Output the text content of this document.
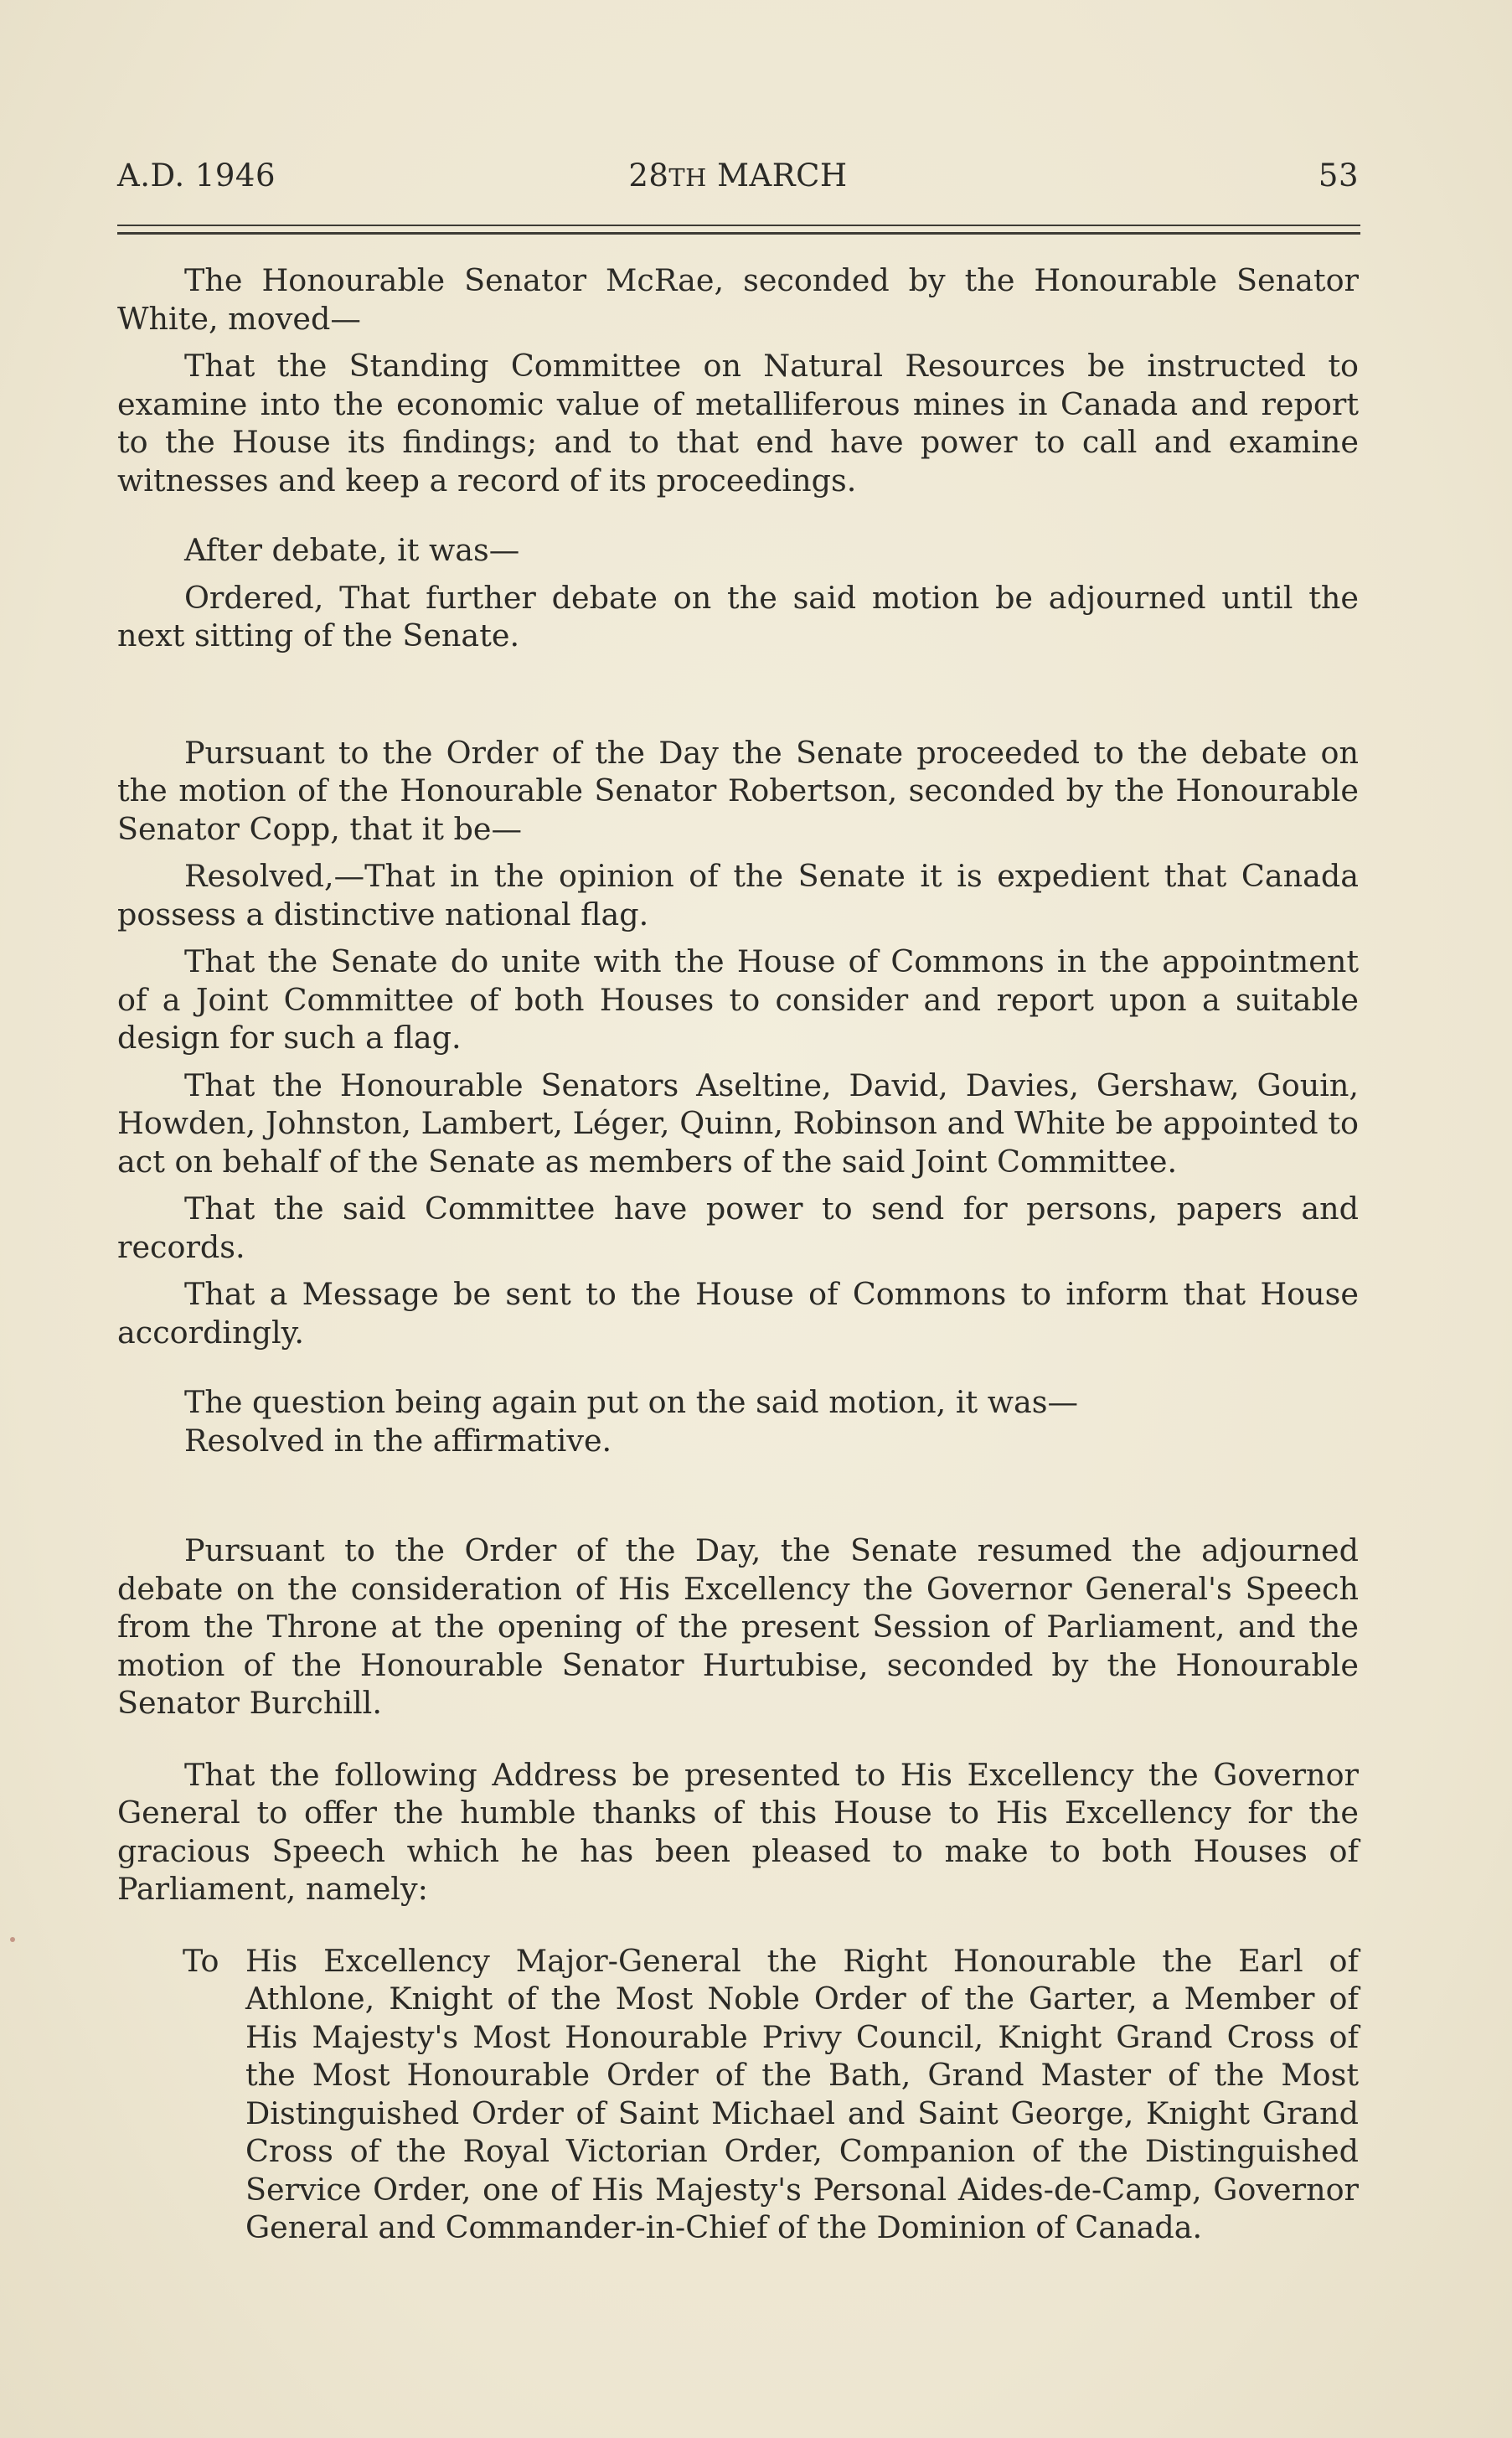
A.D. 1946	28TH MARCH	53

The Honourable Senator McRae, seconded by the Honourable Senator White, moved—

That the Standing Committee on Natural Resources be instructed to examine into the economic value of metalliferous mines in Canada and report to the House its findings; and to that end have power to call and examine witnesses and keep a record of its proceedings.

After debate, it was—

Ordered, That further debate on the said motion be adjourned until the next sitting of the Senate.

Pursuant to the Order of the Day the Senate proceeded to the debate on the motion of the Honourable Senator Robertson, seconded by the Honourable Senator Copp, that it be—

Resolved,—That in the opinion of the Senate it is expedient that Canada possess a distinctive national flag.

That the Senate do unite with the House of Commons in the appointment of a Joint Committee of both Houses to consider and report upon a suitable design for such a flag.

That the Honourable Senators Aseltine, David, Davies, Gershaw, Gouin, Howden, Johnston, Lambert, Léger, Quinn, Robinson and White be appointed to act on behalf of the Senate as members of the said Joint Committee.

That the said Committee have power to send for persons, papers and records.

That a Message be sent to the House of Commons to inform that House accordingly.

The question being again put on the said motion, it was—

Resolved in the affirmative.

Pursuant to the Order of the Day, the Senate resumed the adjourned debate on the consideration of His Excellency the Governor General's Speech from the Throne at the opening of the present Session of Parliament, and the motion of the Honourable Senator Hurtubise, seconded by the Honourable Senator Burchill.

That the following Address be presented to His Excellency the Governor General to offer the humble thanks of this House to His Excellency for the gracious Speech which he has been pleased to make to both Houses of Parliament, namely:

To His Excellency Major-General the Right Honourable the Earl of Athlone, Knight of the Most Noble Order of the Garter, a Member of His Majesty's Most Honourable Privy Council, Knight Grand Cross of the Most Honourable Order of the Bath, Grand Master of the Most Distinguished Order of Saint Michael and Saint George, Knight Grand Cross of the Royal Victorian Order, Companion of the Distinguished Service Order, one of His Majesty's Personal Aides-de-Camp, Governor General and Commander-in-Chief of the Dominion of Canada.
